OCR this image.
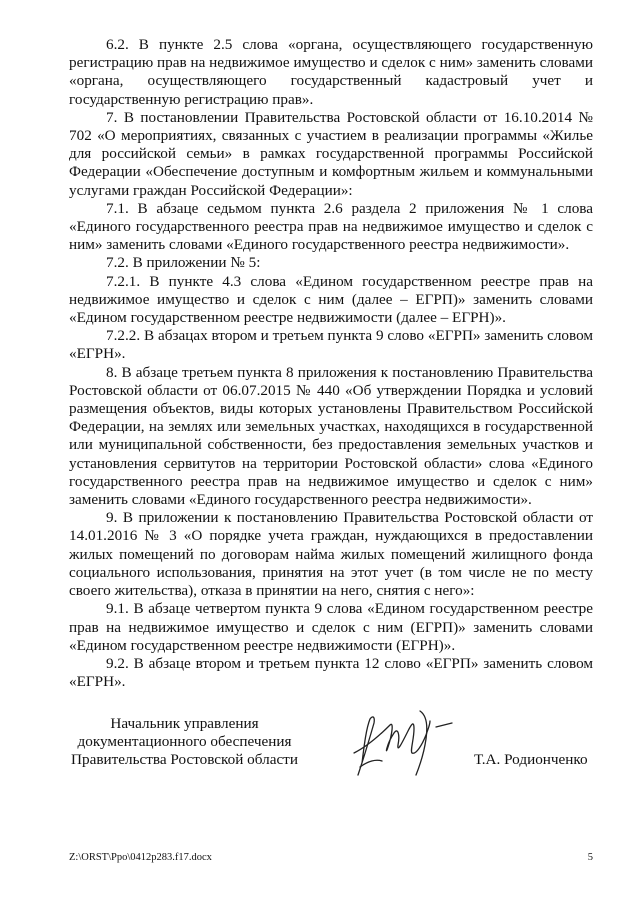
6.2. В пункте 2.5 слова «органа, осуществляющего государственную регистрацию прав на недвижимое имущество и сделок с ним» заменить словами «органа, осуществляющего государственный кадастровый учет и государственную регистрацию прав».

7. В постановлении Правительства Ростовской области от 16.10.2014 № 702 «О мероприятиях, связанных с участием в реализации программы «Жилье для российской семьи» в рамках государственной программы Российской Федерации «Обеспечение доступным и комфортным жильем и коммунальными услугами граждан Российской Федерации»:

7.1. В абзаце седьмом пункта 2.6 раздела 2 приложения № 1 слова «Единого государственного реестра прав на недвижимое имущество и сделок с ним» заменить словами «Единого государственного реестра недвижимости».

7.2. В приложении № 5:

7.2.1. В пункте 4.3 слова «Едином государственном реестре прав на недвижимое имущество и сделок с ним (далее – ЕГРП)» заменить словами «Едином государственном реестре недвижимости (далее – ЕГРН)».

7.2.2. В абзацах втором и третьем пункта 9 слово «ЕГРП» заменить словом «ЕГРН».

8. В абзаце третьем пункта 8 приложения к постановлению Правительства Ростовской области от 06.07.2015 № 440 «Об утверждении Порядка и условий размещения объектов, виды которых установлены Правительством Российской Федерации, на землях или земельных участках, находящихся в государственной или муниципальной собственности, без предоставления земельных участков и установления сервитутов на территории Ростовской области» слова «Единого государственного реестра прав на недвижимое имущество и сделок с ним» заменить словами «Единого государственного реестра недвижимости».

9. В приложении к постановлению Правительства Ростовской области от 14.01.2016 № 3 «О порядке учета граждан, нуждающихся в предоставлении жилых помещений по договорам найма жилых помещений жилищного фонда социального использования, принятия на этот учет (в том числе не по месту своего жительства), отказа в принятии на него, снятия с него»:

9.1. В абзаце четвертом пункта 9 слова «Едином государственном реестре прав на недвижимое имущество и сделок с ним (ЕГРП)» заменить словами «Едином государственном реестре недвижимости (ЕГРН)».

9.2. В абзаце втором и третьем пункта 12 слово «ЕГРП» заменить словом «ЕГРН».

Начальник управления
документационного обеспечения
Правительства Ростовской области	Т.А. Родионченко
Z:\ORST\Ppo\0412p283.f17.docx	5
